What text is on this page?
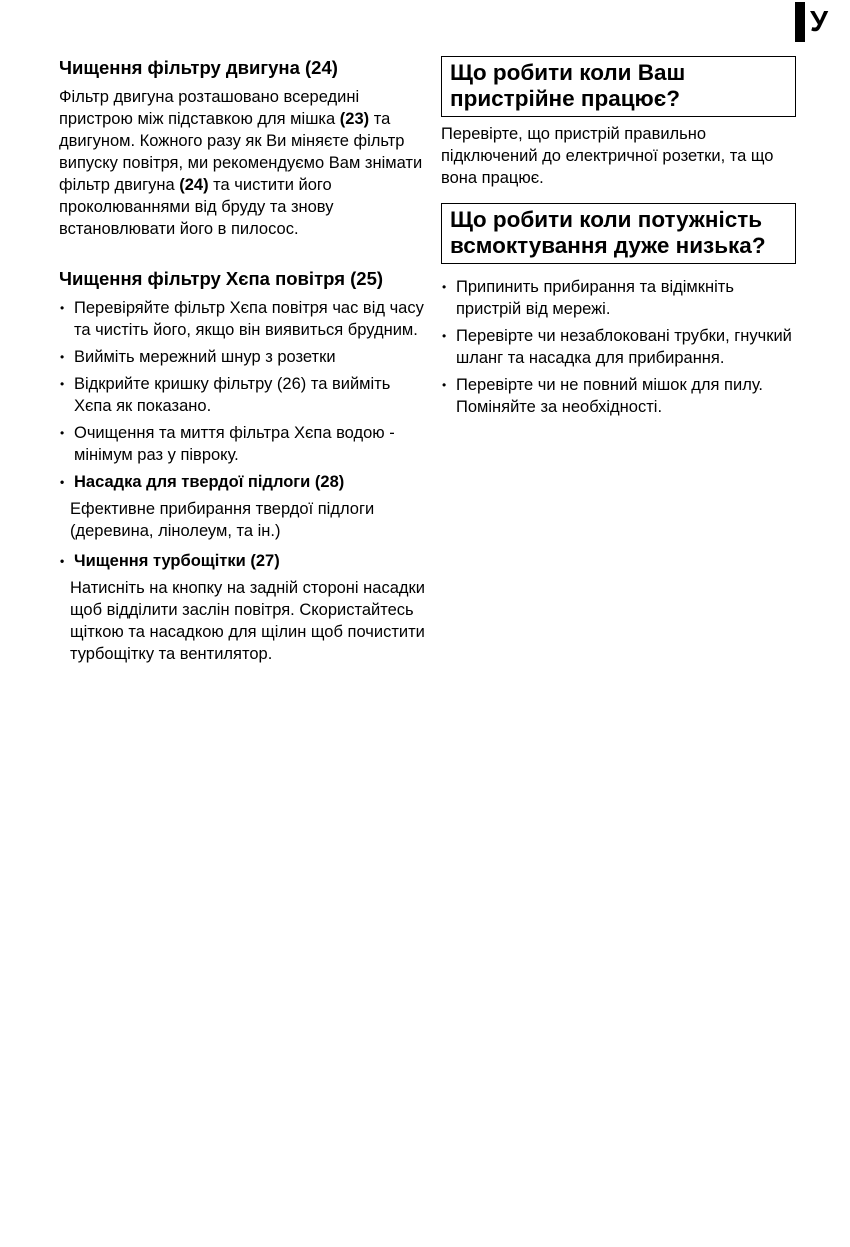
У
Чищення фільтру двигуна (24)

Фільтр двигуна розташовано всередині пристрою між підставкою для мішка (23) та двигуном. Кожного разу як Ви міняєте фільтр випуску повітря, ми рекомендуємо Вам знімати фільтр двигуна (24) та чистити його проколюваннями від бруду та знову встановлювати його в пилосос.

Чищення фільтру Хєпа повітря (25)
• Перевіряйте фільтр Хєпа повітря час від часу та чистіть його, якщо він виявиться брудним.
• Вийміть мережний шнур з розетки
• Відкрийте кришку фільтру (26) та вийміть Хєпа як показано.
• Очищення та миття фільтра Хєпа водою - мінімум раз у півроку.
• Насадка для твердої підлоги (28)

Ефективне прибирання твердої підлоги (деревина, лінолеум, та ін.)

• Чищення турбощітки (27)

Натисніть на кнопку на задній стороні насадки щоб відділити заслін повітря. Скористайтесь щіткою та насадкою для щілин щоб почистити турбощітку та вентилятор.

Що робити коли Ваш пристрійне працює?

Перевірте, що пристрій правильно підключений до електричної розетки, та що вона працює.

Що робити коли потужність всмоктування дуже низька?
• Припинить прибирання та відімкніть пристрій від мережі.
• Перевірте чи незаблоковані трубки, гнучкий шланг та насадка для прибирання.
• Перевірте чи не повний мішок для пилу. Поміняйте за необхідності.
